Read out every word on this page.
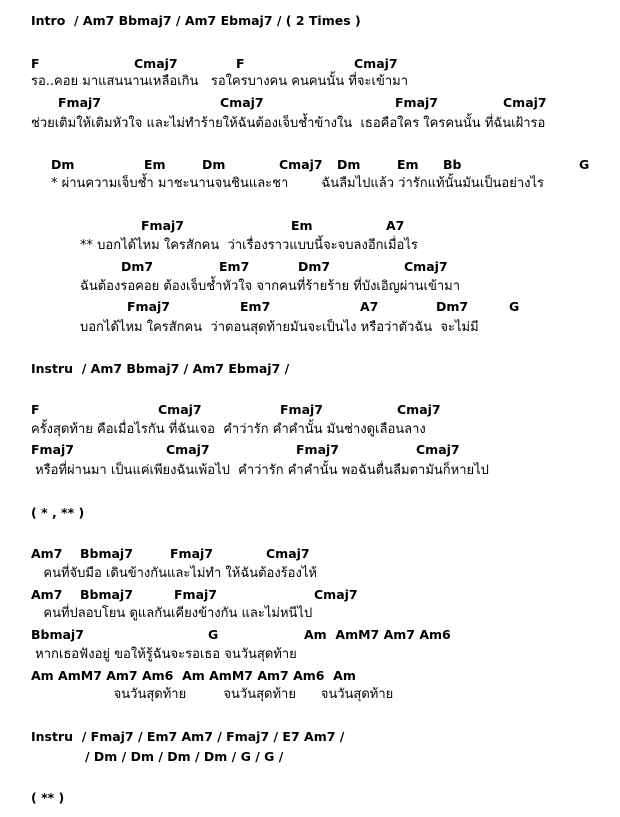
Intro  / Am7 Bbmaj7 / Am7 Ebmaj7 / ( 2 Times )
F	Cmaj7	F	Cmaj7
รอ..คอย มาแสนนานเหลือเกิน   รอใครบางคน คนคนนั้น ที่จะเข้ามา
Fmaj7	Cmaj7	Fmaj7	Cmaj7
ช่วยเติมให้เติมหัวใจ และไม่ทำร้ายให้ฉันต้องเจ็บช้ำข้างใน  เธอคือใคร ใครคนนั้น ที่ฉันเฝ้ารอ
Dm	Em	Dm	Cmaj7 Dm	Em Bb	G
* ผ่านความเจ็บช้ำ มาชะนานจนชินและชา        ฉันลืมไปแล้ว ว่ารักแท้นั้นมันเป็นอย่างไร
Fmaj7	Em	A7
** บอกได้ไหม ใครสักคน  ว่าเรื่องราวแบบนี้จะจบลงอีกเมื่อไร
Dm7	Em7	Dm7	Cmaj7
ฉันต้องรอคอย ต้องเจ็บช้ำหัวใจ จากคนที่ร้ายร้าย ที่บังเอิญผ่านเข้ามา
Fmaj7	Em7	A7	Dm7	G
บอกได้ไหม ใครสักคน  ว่าตอนสุดท้ายมันจะเป็นไง หรือว่าตัวฉัน  จะไม่มี
Instru  / Am7 Bbmaj7 / Am7 Ebmaj7 /
F	Cmaj7	Fmaj7	Cmaj7
ครั้งสุดท้าย คือเมื่อไรกัน ที่ฉันเจอ  คำว่ารัก คำคำนั้น มันช่างดูเลือนลาง
Fmaj7	Cmaj7	Fmaj7	Cmaj7
หรือที่ผ่านมา เป็นแค่เพียงฉันเพ้อไป  คำว่ารัก คำคำนั้น พอฉันตื่นลืมตามันก็หายไป
( * , ** )
Am7 Bbmaj7	Fmaj7	Cmaj7
คนที่จับมือ เดินข้างกันและไม่ทำ ให้ฉันต้องร้องไห้
Am7 Bbmaj7	Fmaj7	Cmaj7
คนที่ปลอบโยน ดูแลกันเคียงข้างกัน และไม่หนีไป
Bbmaj7	G	Am  AmM7 Am7 Am6
หากเธอฟังอยู่ ขอให้รู้ฉันจะรอเธอ จนวันสุดท้าย
Am AmM7 Am7 Am6  Am AmM7 Am7 Am6  Am
จนวันสุดท้าย         จนวันสุดท้าย      จนวันสุดท้าย
Instru  / Fmaj7 / Em7 Am7 / Fmaj7 / E7 Am7 /
/ Dm / Dm / Dm / Dm / G / G /
( ** )
